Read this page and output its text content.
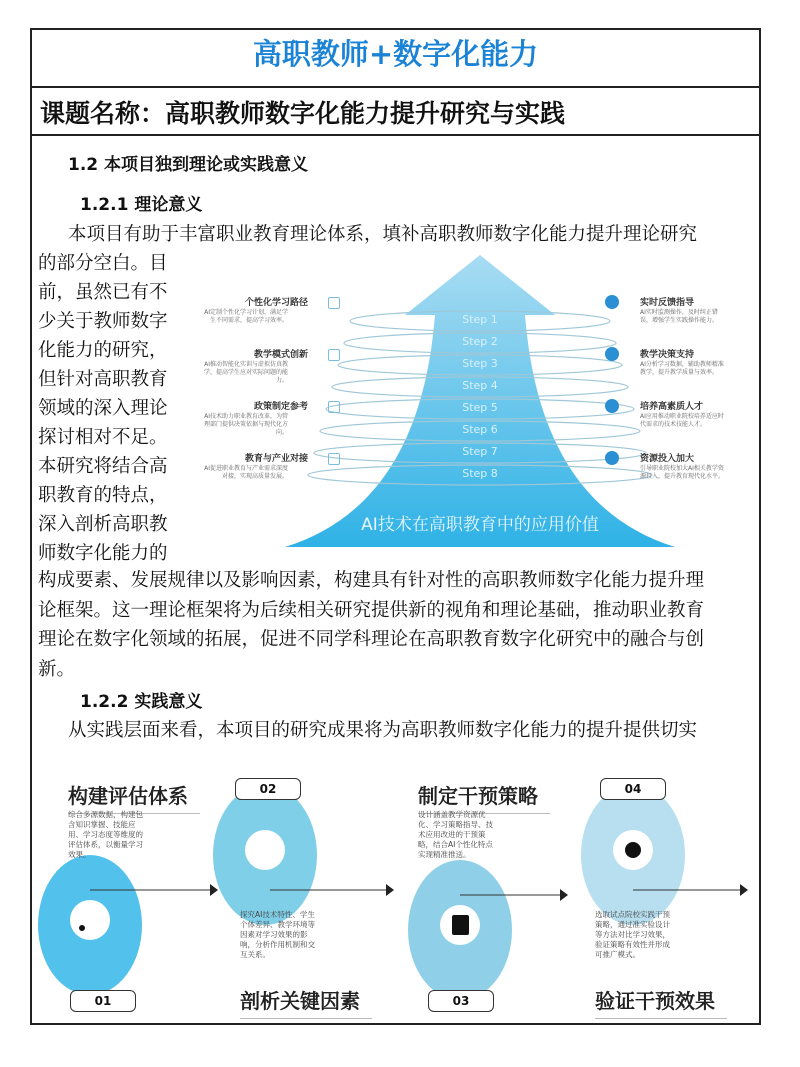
高职教师+数字化能力
课题名称：高职教师数字化能力提升研究与实践
1.2 本项目独到理论或实践意义
1.2.1 理论意义
本项目有助于丰富职业教育理论体系，填补高职教师数字化能力提升理论研究
的部分空白。目
前，虽然已有不
少关于教师数字
化能力的研究，
但针对高职教育
领域的深入理论
探讨相对不足。
本研究将结合高
职教育的特点，
深入剖析高职教
师数字化能力的
构成要素、发展规律以及影响因素，构建具有针对性的高职教师数字化能力提升理
论框架。这一理论框架将为后续相关研究提供新的视角和理论基础，推动职业教育
理论在数字化领域的拓展，促进不同学科理论在高职教育数字化研究中的融合与创
新。
1.2.2 实践意义
从实践层面来看，本项目的研究成果将为高职教师数字化能力的提升提供切实
Step 1
Step 2
Step 3
Step 4
Step 5
Step 6
Step 7
Step 8
个性化学习路径
AI定制个性化学习计划，满足学生不同需求，提高学习效率。
教学模式创新
AI推动智能化实训与虚拟仿真教学，提高学生应对实际问题的能力。
政策制定参考
AI技术助力职业教育改革，为管理部门提供决策依据与现代化方向。
教育与产业对接
AI促进职业教育与产业需求深度对接，实现高质量发展。
实时反馈指导
AI实时监测操作，及时纠正错误，增强学生实践操作能力。
教学决策支持
AI分析学习数据，辅助教师精准教学，提升教学质量与效率。
培养高素质人才
AI应用推动职业院校培养适应时代需求的技术技能人才。
资源投入加大
引导职业院校加大AI相关教学资源投入，提升教育现代化水平。
AI技术在高职教育中的应用价值
构建评估体系
综合多源数据，构建包含知识掌握、技能应用、学习态度等维度的评估体系，以衡量学习效果。
01	剖析关键因素
探究AI技术特性、学生个体差异、教学环境等因素对学习效果的影响，分析作用机制和交互关系。
02	制定干预策略
设计涵盖教学资源优化、学习策略指导、技术应用改进的干预策略，结合AI个性化特点实现精准推送。
03	验证干预效果
选取试点院校实践干预策略，通过准实验设计等方法对比学习效果，验证策略有效性并形成可推广模式。
04
